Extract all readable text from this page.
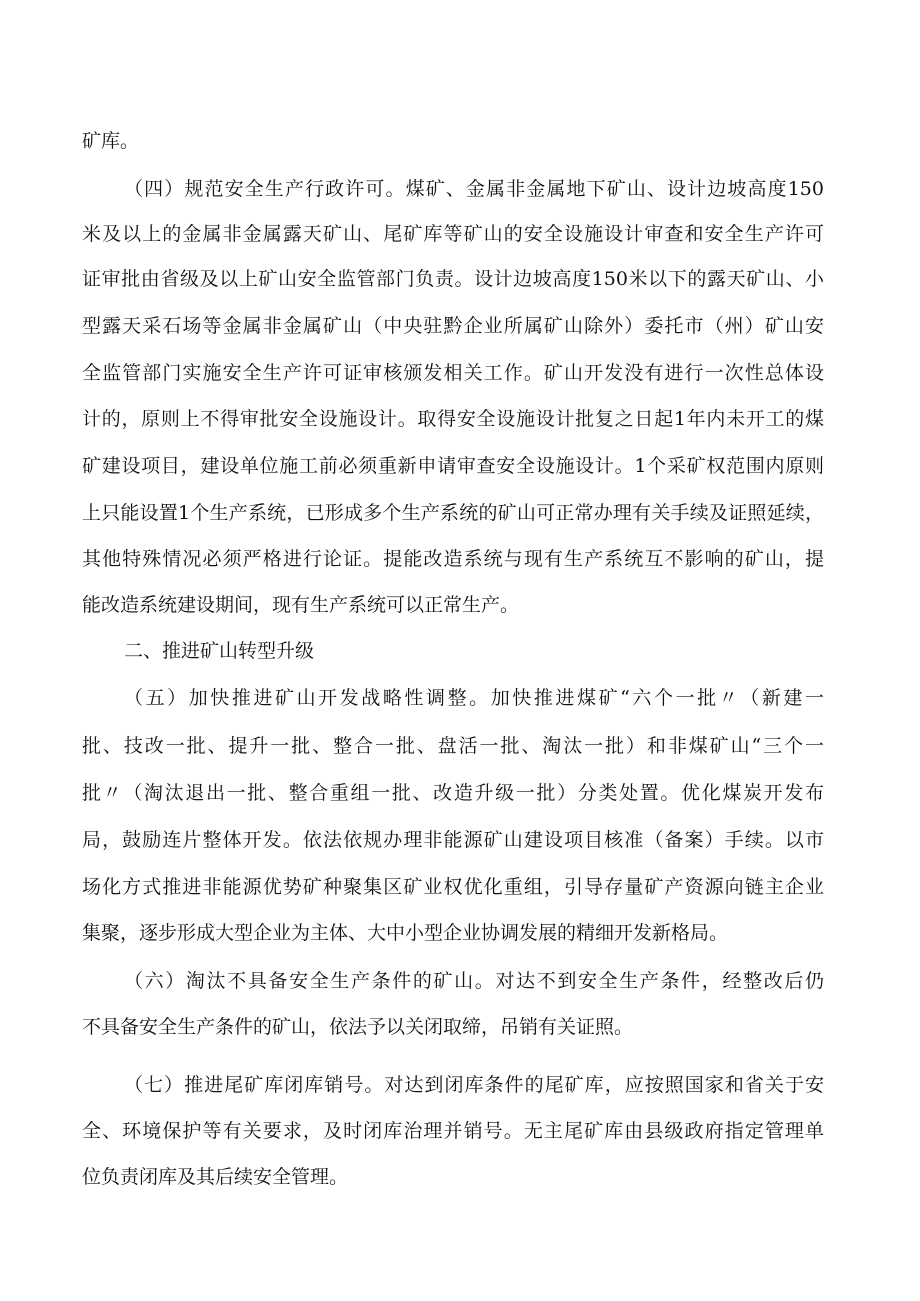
矿库。
（四）规范安全生产行政许可。煤矿、金属非金属地下矿山、设计边坡高度150
米及以上的金属非金属露天矿山、尾矿库等矿山的安全设施设计审查和安全生产许可
证审批由省级及以上矿山安全监管部门负责。设计边坡高度150米以下的露天矿山、小
型露天采石场等金属非金属矿山（中央驻黔企业所属矿山除外）委托市（州）矿山安
全监管部门实施安全生产许可证审核颁发相关工作。矿山开发没有进行一次性总体设
计的，原则上不得审批安全设施设计。取得安全设施设计批复之日起1年内未开工的煤
矿建设项目，建设单位施工前必须重新申请审查安全设施设计。1个采矿权范围内原则
上只能设置1个生产系统，已形成多个生产系统的矿山可正常办理有关手续及证照延续，
其他特殊情况必须严格进行论证。提能改造系统与现有生产系统互不影响的矿山，提
能改造系统建设期间，现有生产系统可以正常生产。
二、推进矿山转型升级
（五）加快推进矿山开发战略性调整。加快推进煤矿“六个一批〃（新建一
批、技改一批、提升一批、整合一批、盘活一批、淘汰一批）和非煤矿山“三个一
批〃（淘汰退出一批、整合重组一批、改造升级一批）分类处置。优化煤炭开发布
局，鼓励连片整体开发。依法依规办理非能源矿山建设项目核准（备案）手续。以市
场化方式推进非能源优势矿种聚集区矿业权优化重组，引导存量矿产资源向链主企业
集聚，逐步形成大型企业为主体、大中小型企业协调发展的精细开发新格局。
（六）淘汰不具备安全生产条件的矿山。对达不到安全生产条件，经整改后仍
不具备安全生产条件的矿山，依法予以关闭取缔，吊销有关证照。
（七）推进尾矿库闭库销号。对达到闭库条件的尾矿库，应按照国家和省关于安
全、环境保护等有关要求，及时闭库治理并销号。无主尾矿库由县级政府指定管理单
位负责闭库及其后续安全管理。
